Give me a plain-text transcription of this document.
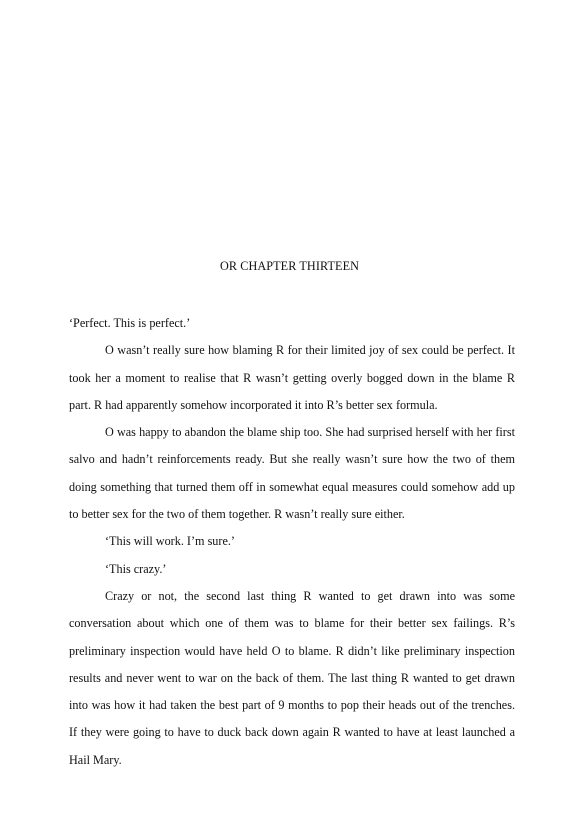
OR CHAPTER THIRTEEN

‘Perfect. This is perfect.’

O wasn’t really sure how blaming R for their limited joy of sex could be perfect. It took her a moment to realise that R wasn’t getting overly bogged down in the blame R part. R had apparently somehow incorporated it into R’s better sex formula.

O was happy to abandon the blame ship too. She had surprised herself with her first salvo and hadn’t reinforcements ready. But she really wasn’t sure how the two of them doing something that turned them off in somewhat equal measures could somehow add up to better sex for the two of them together. R wasn’t really sure either.

‘This will work. I’m sure.’

‘This crazy.’

Crazy or not, the second last thing R wanted to get drawn into was some conversation about which one of them was to blame for their better sex failings. R’s preliminary inspection would have held O to blame. R didn’t like preliminary inspection results and never went to war on the back of them. The last thing R wanted to get drawn into was how it had taken the best part of 9 months to pop their heads out of the trenches. If they were going to have to duck back down again R wanted to have at least launched a Hail Mary.
